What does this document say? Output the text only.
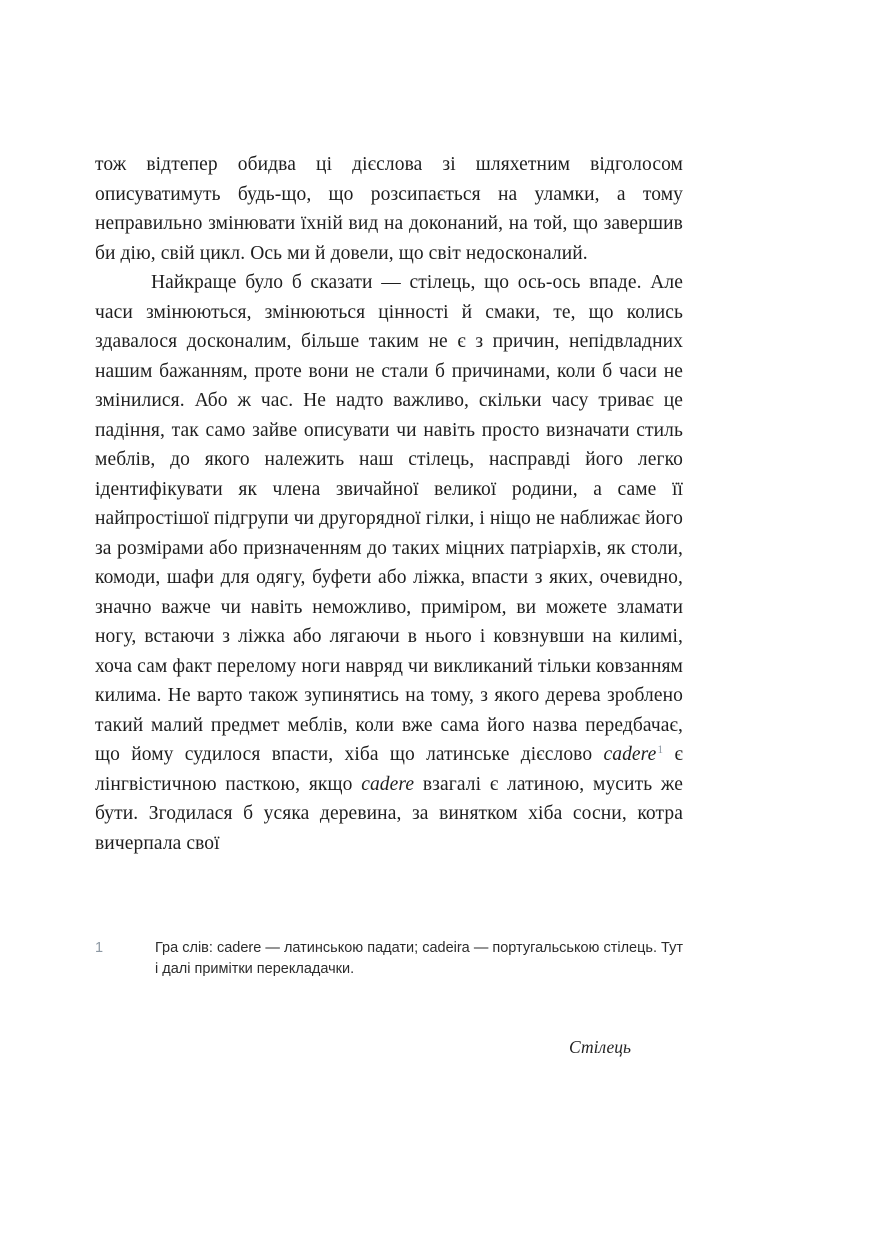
тож відтепер обидва ці дієслова зі шляхетним відголосом описуватимуть будь-що, що розсипається на уламки, а тому неправильно змінювати їхній вид на доконаний, на той, що завершив би дію, свій цикл. Ось ми й довели, що світ недосконалий.

Найкраще було б сказати — стілець, що ось-ось впаде. Але часи змінюються, змінюються цінності й смаки, те, що колись здавалося досконалим, більше таким не є з причин, непідвладних нашим бажанням, проте вони не стали б причинами, коли б часи не змінилися. Або ж час. Не надто важливо, скільки часу триває це падіння, так само зайве описувати чи навіть просто визначати стиль меблів, до якого належить наш стілець, насправді його легко ідентифікувати як члена звичайної великої родини, а саме її найпростішої підгрупи чи другорядної гілки, і ніщо не наближає його за розмірами або призначенням до таких міцних патріархів, як столи, комоди, шафи для одягу, буфети або ліжка, впасти з яких, очевидно, значно важче чи навіть неможливо, приміром, ви можете зламати ногу, встаючи з ліжка або лягаючи в нього і ковзнувши на килимі, хоча сам факт перелому ноги навряд чи викликаний тільки ковзанням килима. Не варто також зупинятись на тому, з якого дерева зроблено такий малий предмет меблів, коли вже сама його назва передбачає, що йому судилося впасти, хіба що латинське дієслово cadere$^1$ є лінгвістичною пасткою, якщо cadere взагалі є латиною, мусить же бути. Згодилася б усяка деревина, за винятком хіба сосни, котра вичерпала свої

1	Гра слів: cadere — латинською падати; cadeira — португальською стілець. Тут і далі примітки перекладачки.
Стілець
